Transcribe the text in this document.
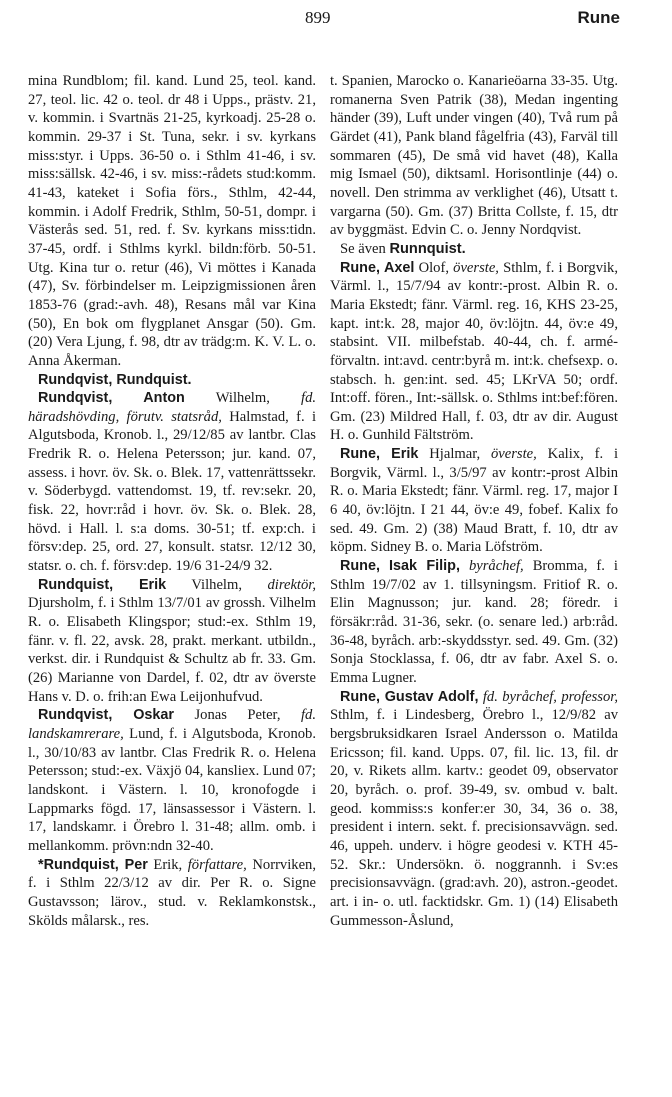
899	Rune

mina Rundblom; fil. kand. Lund 25, teol. kand. 27, teol. lic. 42 o. teol. dr 48 i Upps., prästv. 21, v. kommin. i Svartnäs 21-25, kyrkoadj. 25-28 o. kommin. 29-37 i St. Tuna, sekr. i sv. kyrkans miss:styr. i Upps. 36-50 o. i Sthlm 41-46, i sv. miss:sällsk. 42-46, i sv. miss:-rådets stud:komm. 41-43, kateket i Sofia förs., Sthlm, 42-44, kommin. i Adolf Fredrik, Sthlm, 50-51, dompr. i Västerås sed. 51, red. f. Sv. kyrkans miss:tidn. 37-45, ordf. i Sthlms kyrkl. bildn:förb. 50-51. Utg. Kina tur o. retur (46), Vi möttes i Kanada (47), Sv. förbindelser m. Leipzigmissionen åren 1853-76 (grad:-avh. 48), Resans mål var Kina (50), En bok om flygplanet Ansgar (50). Gm. (20) Vera Ljung, f. 98, dtr av trädg:m. K. V. L. o. Anna Åkerman.

Rundqvist, Rundquist.

Rundqvist, Anton Wilhelm, fd. häradshövding, förutv. statsråd, Halmstad, f. i Algutsboda, Kronob. l., 29/12/85 av lantbr. Clas Fredrik R. o. Helena Petersson; jur. kand. 07, assess. i hovr. öv. Sk. o. Blek. 17, vattenrättssekr. v. Söderbygd. vattendomst. 19, tf. rev:sekr. 20, fisk. 22, hovr:råd i hovr. öv. Sk. o. Blek. 28, hövd. i Hall. l. s:a doms. 30-51; tf. exp:ch. i försv:dep. 25, ord. 27, konsult. statsr. 12/12 30, statsr. o. ch. f. försv:dep. 19/6 31-24/9 32.

Rundquist, Erik Vilhelm, direktör, Djursholm, f. i Sthlm 13/7/01 av grossh. Vilhelm R. o. Elisabeth Klingspor; stud:-ex. Sthlm 19, fänr. v. fl. 22, avsk. 28, prakt. merkant. utbildn., verkst. dir. i Rundquist & Schultz ab fr. 33. Gm. (26) Marianne von Dardel, f. 02, dtr av överste Hans v. D. o. frih:an Ewa Leijonhufvud.

Rundqvist, Oskar Jonas Peter, fd. landskamrerare, Lund, f. i Algutsboda, Kronob. l., 30/10/83 av lantbr. Clas Fredrik R. o. Helena Petersson; stud:-ex. Växjö 04, kansliex. Lund 07; landskont. i Västern. l. 10, kronofogde i Lappmarks fögd. 17, länsassessor i Västern. l. 17, landskamr. i Örebro l. 31-48; allm. omb. i mellankomm. prövn:ndn 32-40.

*Rundquist, Per Erik, författare, Norrviken, f. i Sthlm 22/3/12 av dir. Per R. o. Signe Gustavsson; lärov., stud. v. Reklamkonstsk., Skölds målarsk., res.

t. Spanien, Marocko o. Kanarieöarna 33-35. Utg. romanerna Sven Patrik (38), Medan ingenting händer (39), Luft under vingen (40), Två rum på Gärdet (41), Pank bland fågelfria (43), Farväl till sommaren (45), De små vid havet (48), Kalla mig Ismael (50), diktsaml. Horisontlinje (44) o. novell. Den strimma av verklighet (46), Utsatt t. vargarna (50). Gm. (37) Britta Collste, f. 15, dtr av byggmäst. Edvin C. o. Jenny Nordqvist.

Se även Runnquist.

Rune, Axel Olof, överste, Sthlm, f. i Borgvik, Värml. l., 15/7/94 av kontr:-prost. Albin R. o. Maria Ekstedt; fänr. Värml. reg. 16, KHS 23-25, kapt. int:k. 28, major 40, öv:löjtn. 44, öv:e 49, stabsint. VII. milbefstab. 40-44, ch. f. armé-förvaltn. int:avd. centr:byrå m. int:k. chefsexp. o. stabsch. h. gen:int. sed. 45; LKrVA 50; ordf. Int:off. fören., Int:-sällsk. o. Sthlms int:bef:fören. Gm. (23) Mildred Hall, f. 03, dtr av dir. August H. o. Gunhild Fältström.

Rune, Erik Hjalmar, överste, Kalix, f. i Borgvik, Värml. l., 3/5/97 av kontr:-prost Albin R. o. Maria Ekstedt; fänr. Värml. reg. 17, major I 6 40, öv:löjtn. I 21 44, öv:e 49, fobef. Kalix fo sed. 49. Gm. 2) (38) Maud Bratt, f. 10, dtr av köpm. Sidney B. o. Maria Löfström.

Rune, Isak Filip, byråchef, Bromma, f. i Sthlm 19/7/02 av 1. tillsyningsm. Fritiof R. o. Elin Magnusson; jur. kand. 28; föredr. i försäkr:råd. 31-36, sekr. (o. senare led.) arb:råd. 36-48, byråch. arb:-skyddsstyr. sed. 49. Gm. (32) Sonja Stocklassa, f. 06, dtr av fabr. Axel S. o. Emma Lugner.

Rune, Gustav Adolf, fd. byråchef, professor, Sthlm, f. i Lindesberg, Örebro l., 12/9/82 av bergsbruksidkaren Israel Andersson o. Matilda Ericsson; fil. kand. Upps. 07, fil. lic. 13, fil. dr 20, v. Rikets allm. kartv.: geodet 09, observator 20, byråch. o. prof. 39-49, sv. ombud v. balt. geod. kommiss:s konfer:er 30, 34, 36 o. 38, president i intern. sekt. f. precisionsavvägn. sed. 46, uppeh. underv. i högre geodesi v. KTH 45-52. Skr.: Undersökn. ö. noggrannh. i Sv:es precisionsavvägn. (grad:avh. 20), astron.-geodet. art. i in- o. utl. facktidskr. Gm. 1) (14) Elisabeth Gummesson-Åslund,
